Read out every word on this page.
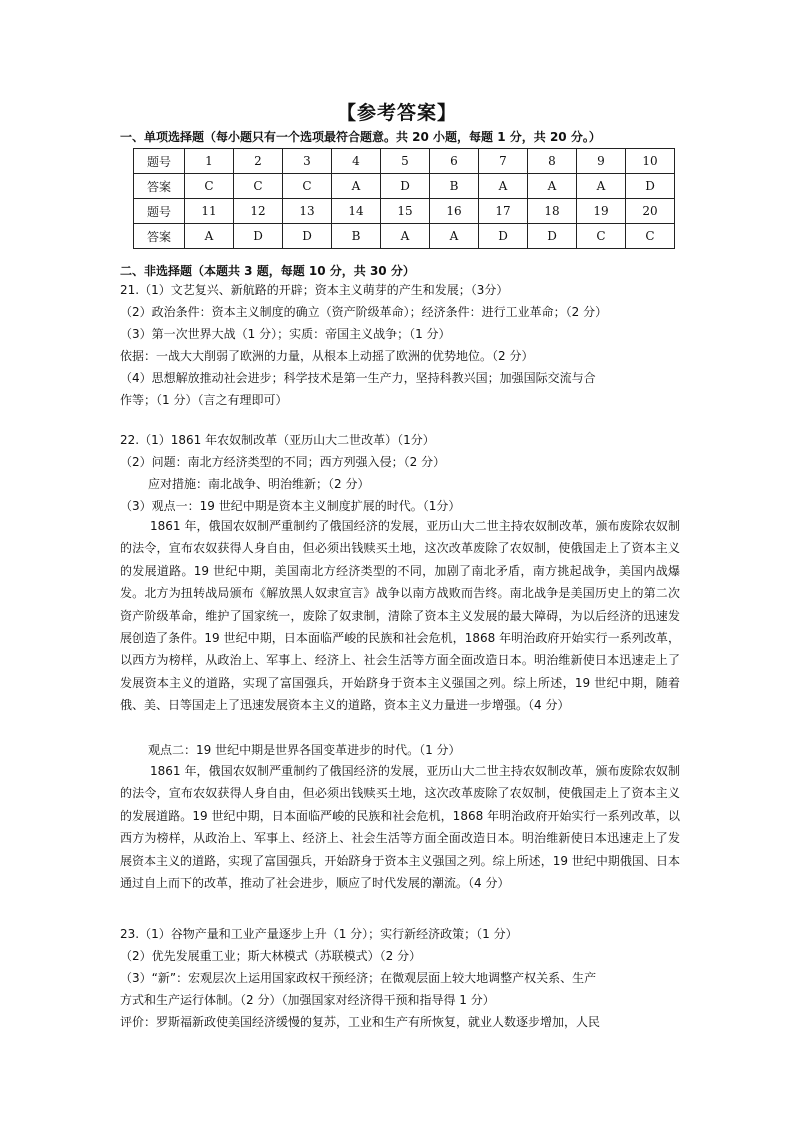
【参考答案】
一、单项选择题（每小题只有一个选项最符合题意。共 20 小题，每题 1 分，共 20 分。）
题号	1	2	3	4	5	6	7	8	9	10
答案	C	C	C	A	D	B	A	A	A	D
题号	11	12	13	14	15	16	17	18	19	20
答案	A	D	D	B	A	A	D	D	C	C
二、非选择题（本题共 3 题，每题 10 分，共 30 分）
21.（1）文艺复兴、新航路的开辟；资本主义萌芽的产生和发展；（3分）
（2）政治条件：资本主义制度的确立（资产阶级革命）；经济条件：进行工业革命；（2 分）
（3）第一次世界大战（1 分）；实质：帝国主义战争；（1 分）
依据：一战大大削弱了欧洲的力量，从根本上动摇了欧洲的优势地位。（2 分）
（4）思想解放推动社会进步；科学技术是第一生产力，坚持科教兴国；加强国际交流与合
作等；（1 分）（言之有理即可）
22.（1）1861 年农奴制改革（亚历山大二世改革）（1分）
（2）问题：南北方经济类型的不同；西方列强入侵；（2 分）
应对措施：南北战争、明治维新；（2 分）
（3）观点一：19 世纪中期是资本主义制度扩展的时代。（1分）

1861 年，俄国农奴制严重制约了俄国经济的发展，亚历山大二世主持农奴制改革，颁布废除农奴制的法令，宣布农奴获得人身自由，但必须出钱赎买土地，这次改革废除了农奴制，使俄国走上了资本主义的发展道路。19 世纪中期，美国南北方经济类型的不同，加剧了南北矛盾，南方挑起战争，美国内战爆发。北方为扭转战局颁布《解放黑人奴隶宣言》战争以南方战败而告终。南北战争是美国历史上的第二次资产阶级革命，维护了国家统一，废除了奴隶制，清除了资本主义发展的最大障碍，为以后经济的迅速发展创造了条件。19 世纪中期，日本面临严峻的民族和社会危机，1868 年明治政府开始实行一系列改革，以西方为榜样，从政治上、军事上、经济上、社会生活等方面全面改造日本。明治维新使日本迅速走上了发展资本主义的道路，实现了富国强兵，开始跻身于资本主义强国之列。综上所述，19 世纪中期，随着俄、美、日等国走上了迅速发展资本主义的道路，资本主义力量进一步增强。（4 分）

观点二：19 世纪中期是世界各国变革进步的时代。（1 分）

1861 年，俄国农奴制严重制约了俄国经济的发展，亚历山大二世主持农奴制改革，颁布废除农奴制的法令，宣布农奴获得人身自由，但必须出钱赎买土地，这次改革废除了农奴制，使俄国走上了资本主义的发展道路。19 世纪中期，日本面临严峻的民族和社会危机，1868 年明治政府开始实行一系列改革，以西方为榜样，从政治上、军事上、经济上、社会生活等方面全面改造日本。明治维新使日本迅速走上了发展资本主义的道路，实现了富国强兵，开始跻身于资本主义强国之列。综上所述，19 世纪中期俄国、日本通过自上而下的改革，推动了社会进步，顺应了时代发展的潮流。（4 分）

23.（1）谷物产量和工业产量逐步上升（1 分）；实行新经济政策；（1 分）
（2）优先发展重工业；斯大林模式（苏联模式）（2 分）
（3）“新”：宏观层次上运用国家政权干预经济；在微观层面上较大地调整产权关系、生产
方式和生产运行体制。（2 分）（加强国家对经济得干预和指导得 1 分）
评价：罗斯福新政使美国经济缓慢的复苏，工业和生产有所恢复，就业人数逐步增加，人民
